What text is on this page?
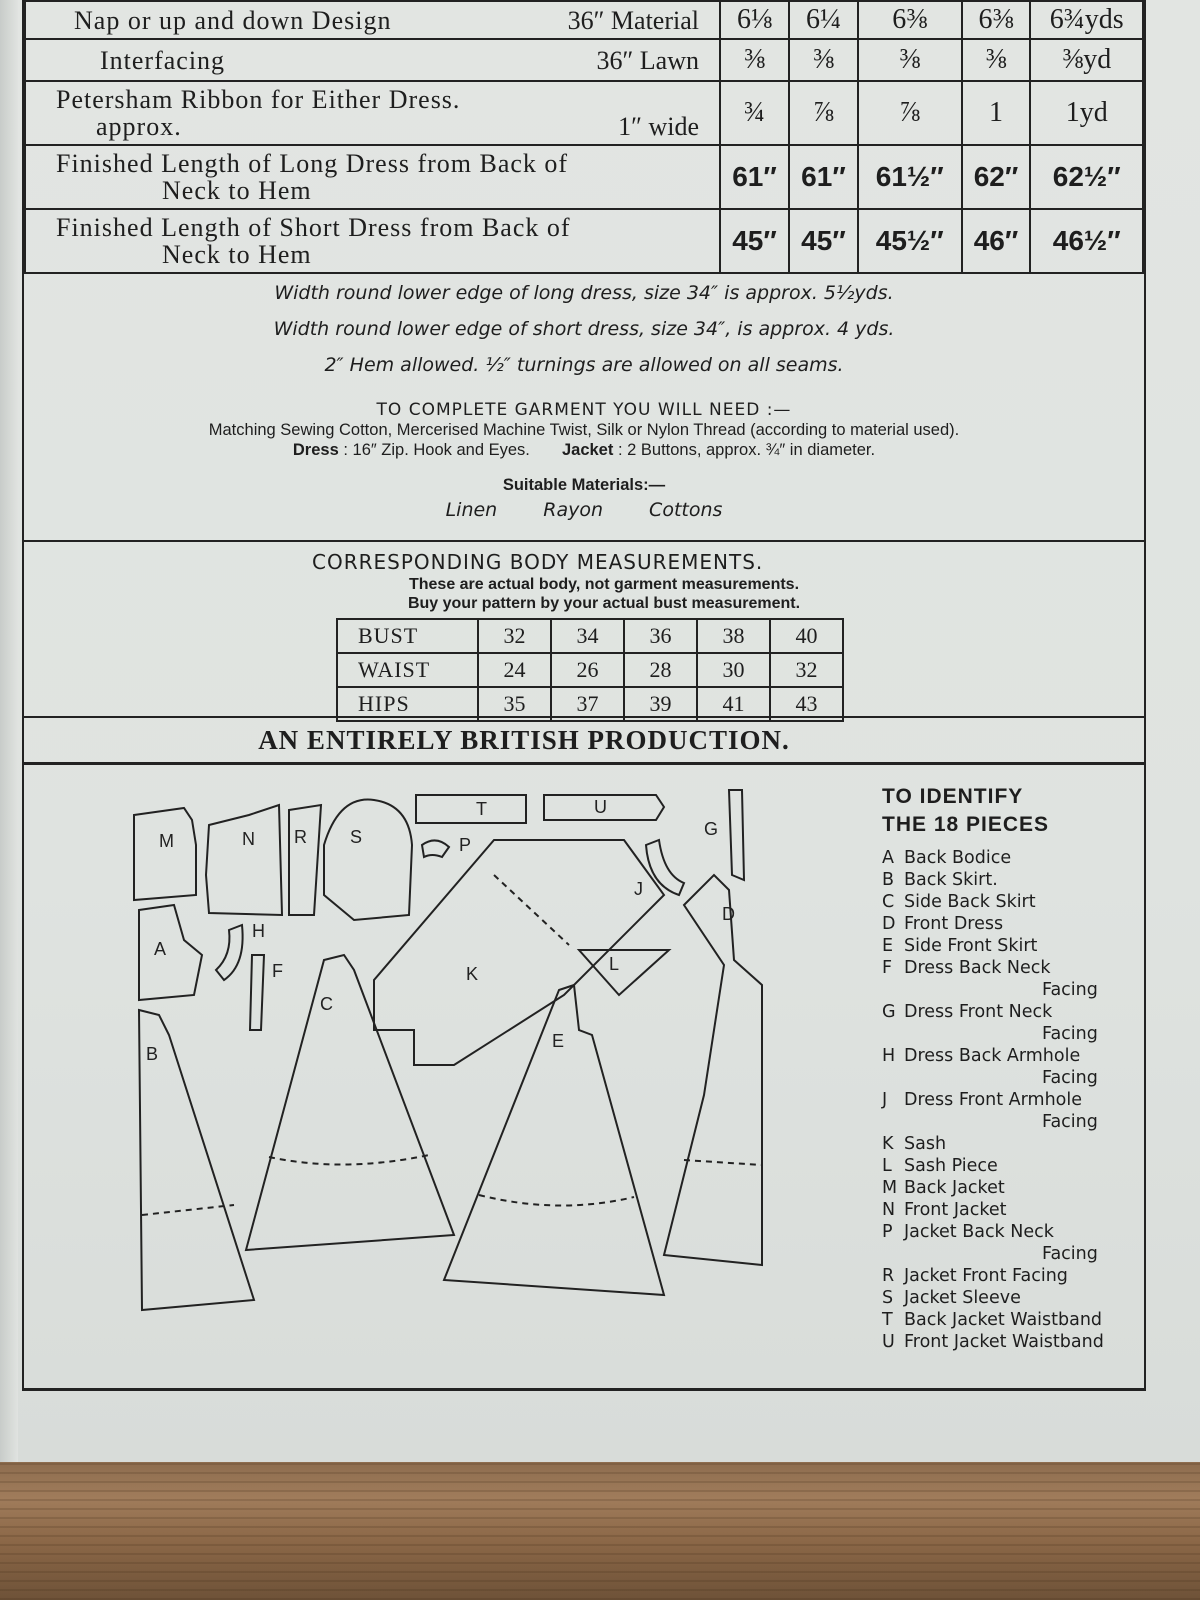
Nap or up and down Design 36″ Material	6⅛	6¼	6⅜	6⅜	6¾yds

Interfacing 36″ Lawn	⅜	⅜	⅜	⅜	⅜yd

Petersham Ribbon for Either Dress.
approx. 1″ wide	¾	⅞	⅞	1	1yd

Finished Length of Long Dress from Back of
Neck to Hem	61″	61″	61½″	62″	62½″

Finished Length of Short Dress from Back of
Neck to Hem	45″	45″	45½″	46″	46½″
Width round lower edge of long dress, size 34″ is approx. 5½yds.
Width round lower edge of short dress, size 34″, is approx. 4 yds.
2″ Hem allowed. ½″ turnings are allowed on all seams.
TO COMPLETE GARMENT YOU WILL NEED :—
Matching Sewing Cotton, Mercerised Machine Twist, Silk or Nylon Thread (according to material used).
Dress : 16″ Zip. Hook and Eyes. Jacket : 2 Buttons, approx. ¾″ in diameter.
Suitable Materials:—
Linen Rayon Cottons
CORRESPONDING BODY MEASUREMENTS.
These are actual body, not garment measurements.
Buy your pattern by your actual bust measurement.
BUST	32	34	36	38	40
WAIST	24	26	28	30	32
HIPS	35	37	39	41	43
AN ENTIRELY BRITISH PRODUCTION.
M	N R S
T	U
P
G
A
H
F
C
K	L
J
D
B
E
TO IDENTIFY
THE 18 PIECES
A Back Bodice
B Back Skirt.
C Side Back Skirt
D Front Dress
E Side Front Skirt
F Dress Back Neck
Facing
G Dress Front Neck
Facing
H Dress Back Armhole
Facing
J Dress Front Armhole
Facing
K Sash
L Sash Piece
M Back Jacket
N Front Jacket
P Jacket Back Neck
Facing
R Jacket Front Facing
S Jacket Sleeve
T Back Jacket Waistband
U Front Jacket Waistband
